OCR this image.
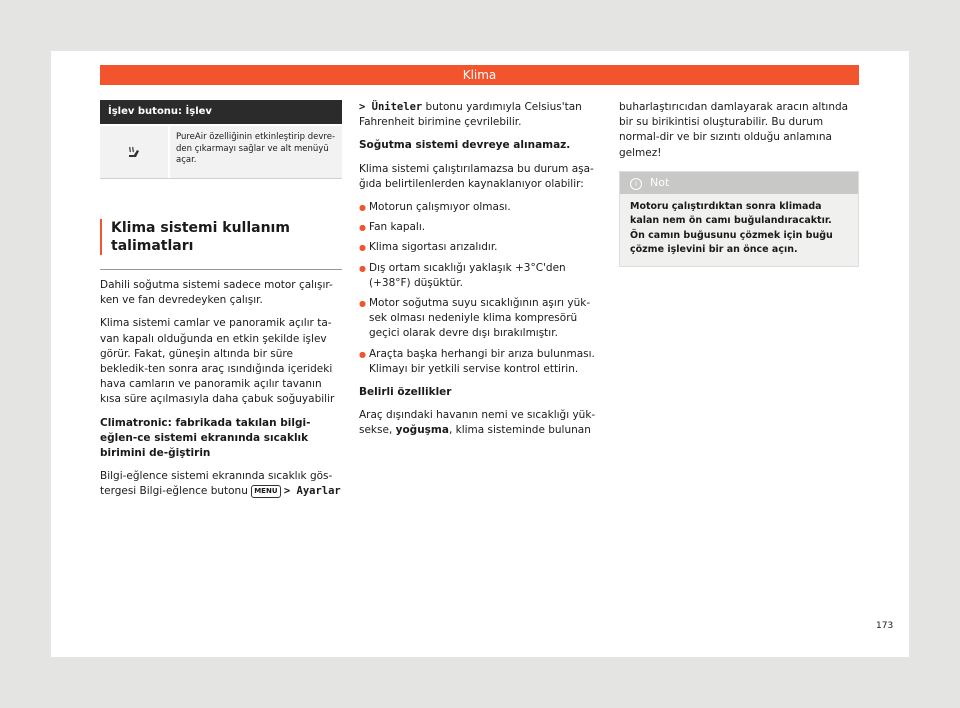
Klima
İşlev butonu: İşlev
PureAir özelliğinin etkinleştirip devre-den çıkarmayı sağlar ve alt menüyü açar.
Klima sistemi kullanım talimatları

Dahili soğutma sistemi sadece motor çalışır-ken ve fan devredeyken çalışır.

Klima sistemi camlar ve panoramik açılır ta-van kapalı olduğunda en etkin şekilde işlev görür. Fakat, güneşin altında bir süre bekledik-ten sonra araç ısındığında içerideki hava camların ve panoramik açılır tavanın kısa süre açılmasıyla daha çabuk soğuyabilir

Climatronic: fabrikada takılan bilgi-eğlen-ce sistemi ekranında sıcaklık birimini de-ğiştirin

Bilgi-eğlence sistemi ekranında sıcaklık gös-tergesi Bilgi-eğlence butonu MENU > Ayarlar

> Üniteler butonu yardımıyla Celsius'tan Fahrenheit birimine çevrilebilir.

Soğutma sistemi devreye alınamaz.

Klima sistemi çalıştırılamazsa bu durum aşa-ğıda belirtilenlerden kaynaklanıyor olabilir:

● Motorun çalışmıyor olması.
● Fan kapalı.
● Klima sigortası arızalıdır.
● Dış ortam sıcaklığı yaklaşık +3°C'den (+38°F) düşüktür.
● Motor soğutma suyu sıcaklığının aşırı yük-sek olması nedeniyle klima kompresörü geçici olarak devre dışı bırakılmıştır.
● Araçta başka herhangi bir arıza bulunması. Klimayı bir yetkili servise kontrol ettirin.

Belirli özellikler

Araç dışındaki havanın nemi ve sıcaklığı yük-sekse, yoğuşma, klima sisteminde bulunan

buharlaştırıcıdan damlayarak aracın altında bir su birikintisi oluşturabilir. Bu durum normal-dir ve bir sızıntı olduğu anlamına gelmez!

i Not
Motoru çalıştırdıktan sonra klimada kalan nem ön camı buğulandıracaktır. Ön camın buğusunu çözmek için buğu çözme işlevini bir an önce açın.
173
